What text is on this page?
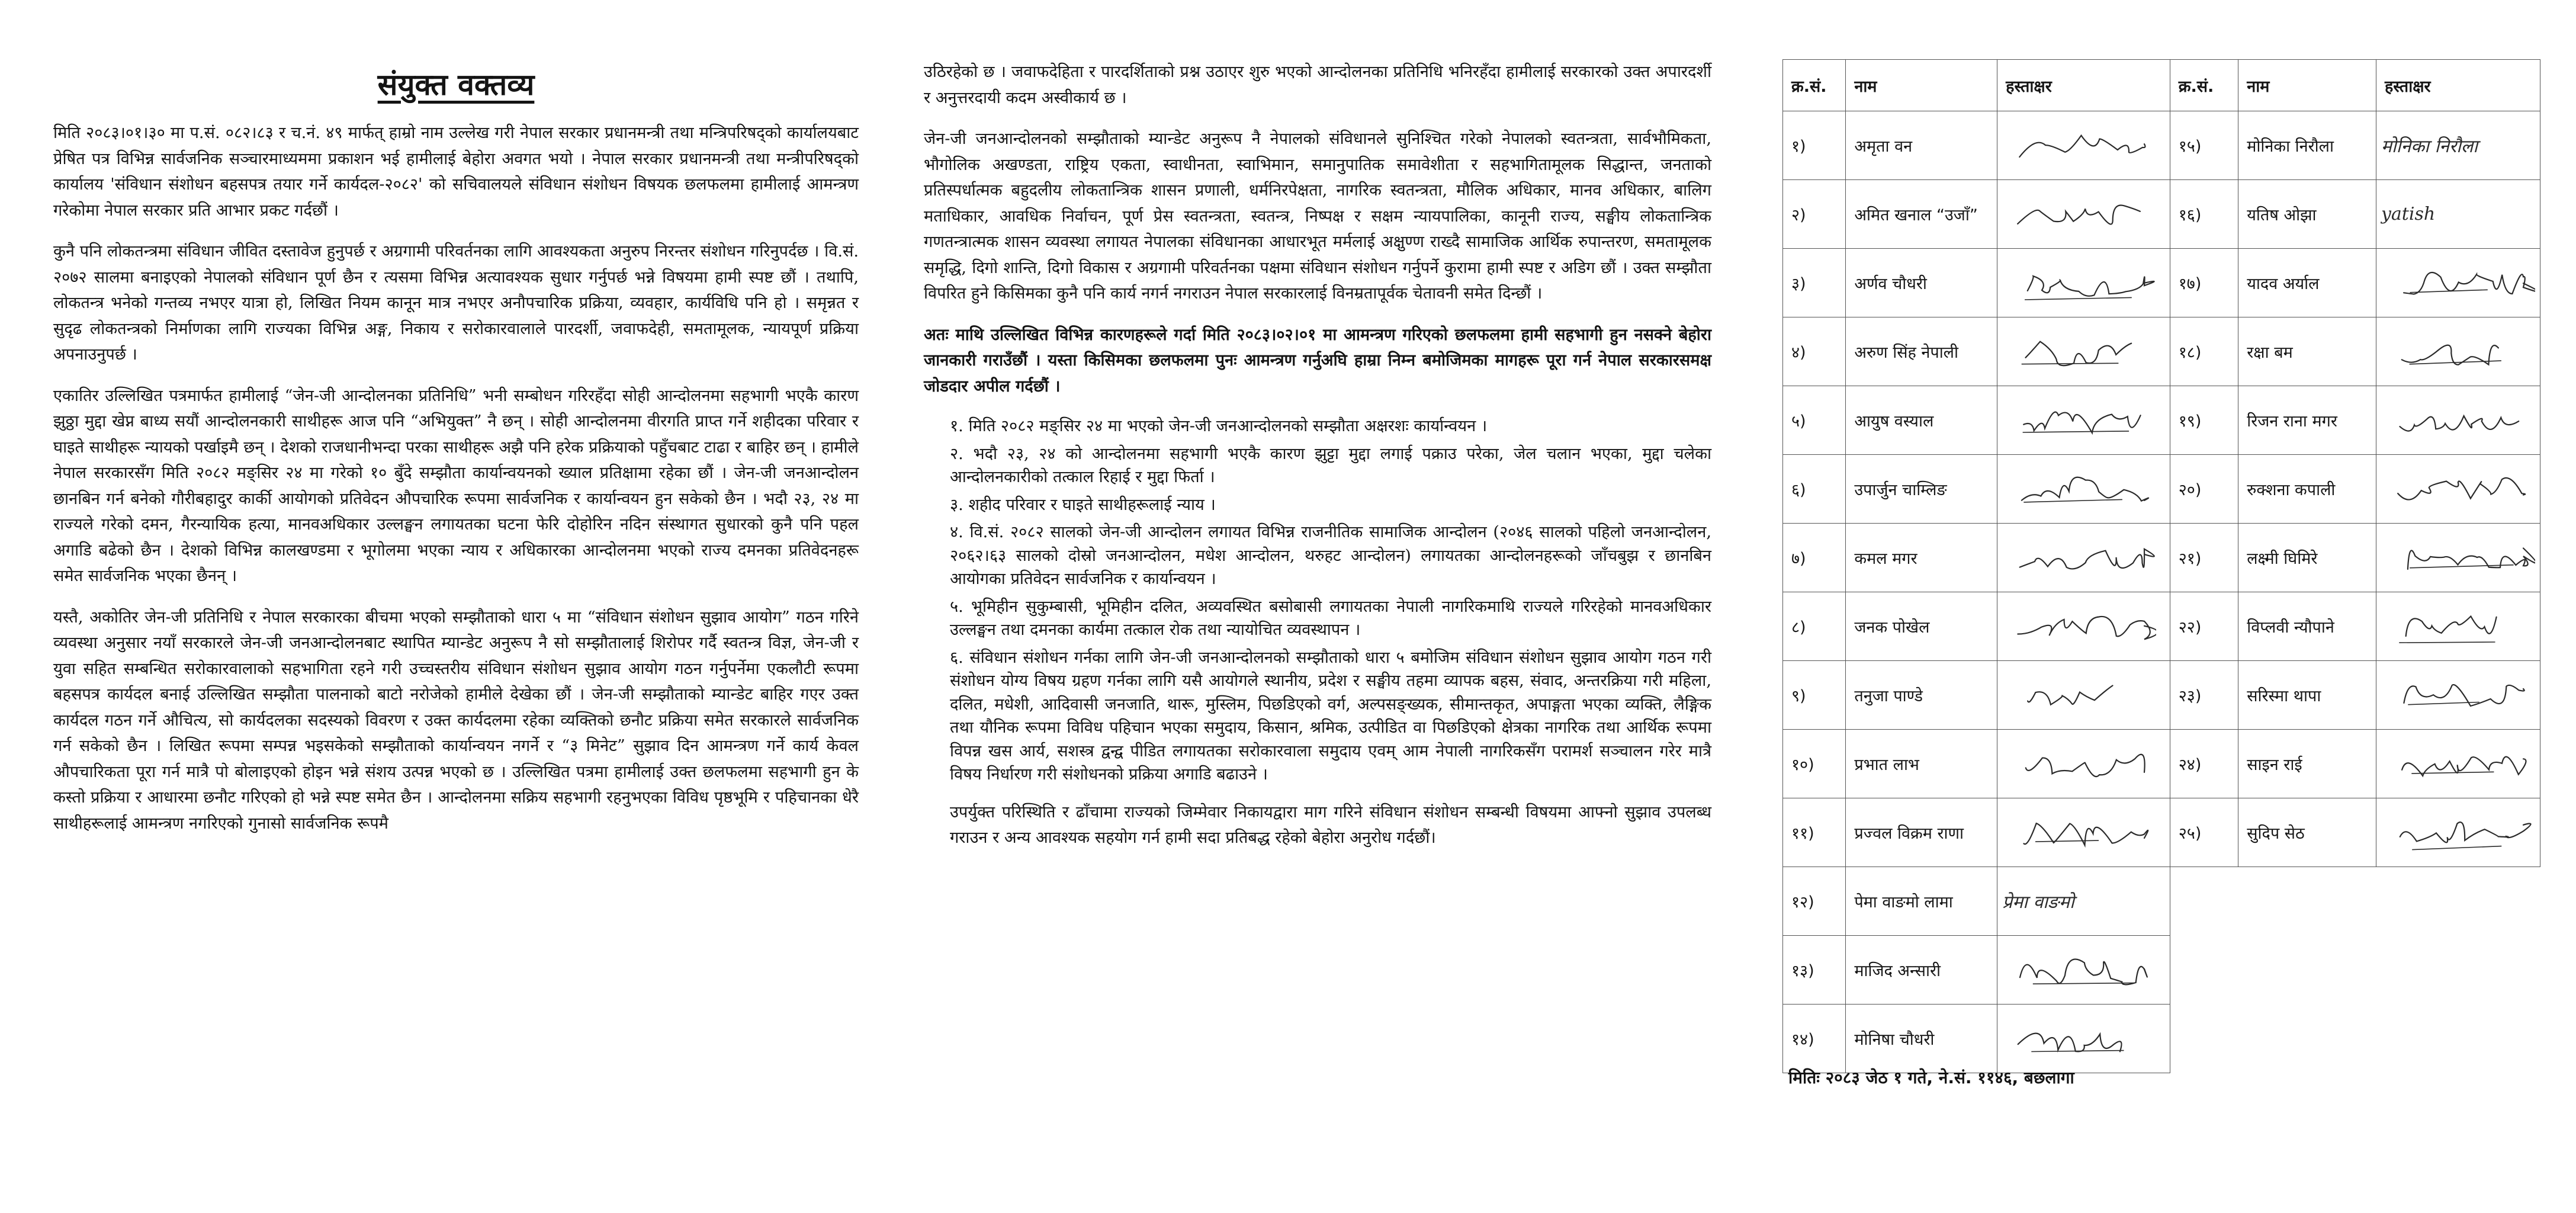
संयुक्त वक्तव्य

मिति २०८३।०१।३० मा प.सं. ०८२।८३ र च.नं. ४९ मार्फत् हाम्रो नाम उल्लेख गरी नेपाल सरकार प्रधानमन्त्री तथा मन्त्रिपरिषद्‌को कार्यालयबाट प्रेषित पत्र विभिन्न सार्वजनिक सञ्चारमाध्यममा प्रकाशन भई हामीलाई बेहोरा अवगत भयो । नेपाल सरकार प्रधानमन्त्री तथा मन्त्रीपरिषद्‌को कार्यालय 'संविधान संशोधन बहसपत्र तयार गर्ने कार्यदल-२०८२' को सचिवालयले संविधान संशोधन विषयक छलफलमा हामीलाई आमन्त्रण गरेकोमा नेपाल सरकार प्रति आभार प्रकट गर्दछौं ।

कुनै पनि लोकतन्त्रमा संविधान जीवित दस्तावेज हुनुपर्छ र अग्रगामी परिवर्तनका लागि आवश्यकता अनुरुप निरन्तर संशोधन गरिनुपर्दछ । वि.सं. २०७२ सालमा बनाइएको नेपालको संविधान पूर्ण छैन र त्यसमा विभिन्न अत्यावश्यक सुधार गर्नुपर्छ भन्ने विषयमा हामी स्पष्ट छौं । तथापि, लोकतन्त्र भनेको गन्तव्य नभएर यात्रा हो, लिखित नियम कानून मात्र नभएर अनौपचारिक प्रक्रिया, व्यवहार, कार्यविधि पनि हो । समृन्नत र सुदृढ लोकतन्त्रको निर्माणका लागि राज्यका विभिन्न अङ्ग, निकाय र सरोकारवालाले पारदर्शी, जवाफदेही, समतामूलक, न्यायपूर्ण प्रक्रिया अपनाउनुपर्छ ।

एकातिर उल्लिखित पत्रमार्फत हामीलाई “जेन-जी आन्दोलनका प्रतिनिधि” भनी सम्बोधन गरिरहँदा सोही आन्दोलनमा सहभागी भएकै कारण झुठ्ठा मुद्दा खेप्न बाध्य सयौं आन्दोलनकारी साथीहरू आज पनि “अभियुक्त” नै छन् । सोही आन्दोलनमा वीरगति प्राप्त गर्ने शहीदका परिवार र घाइते साथीहरू न्यायको पर्खाइमै छन् । देशको राजधानीभन्दा परका साथीहरू अझै पनि हरेक प्रक्रियाको पहुँचबाट टाढा र बाहिर छन् । हामीले नेपाल सरकारसँग मिति २०८२ मङ्सिर २४ मा गरेको १० बुँदे सम्झौता कार्यान्वयनको ख्याल प्रतिक्षामा रहेका छौं । जेन-जी जनआन्दोलन छानबिन गर्न बनेको गौरीबहादुर कार्की आयोगको प्रतिवेदन औपचारिक रूपमा सार्वजनिक र कार्यान्वयन हुन सकेको छैन । भदौ २३, २४ मा राज्यले गरेको दमन, गैरन्यायिक हत्या, मानवअधिकार उल्लङ्घन लगायतका घटना फेरि दोहोरिन नदिन संस्थागत सुधारको कुनै पनि पहल अगाडि बढेको छैन । देशको विभिन्न कालखण्डमा र भूगोलमा भएका न्याय र अधिकारका आन्दोलनमा भएको राज्य दमनका प्रतिवेदनहरू समेत सार्वजनिक भएका छैनन् ।

यस्तै, अकोतिर जेन-जी प्रतिनिधि र नेपाल सरकारका बीचमा भएको सम्झौताको धारा ५ मा “संविधान संशोधन सुझाव आयोग” गठन गरिने व्यवस्था अनुसार नयाँ सरकारले जेन-जी जनआन्दोलनबाट स्थापित म्यान्डेट अनुरूप नै सो सम्झौतालाई शिरोपर गर्दै स्वतन्त्र विज्ञ, जेन-जी र युवा सहित सम्बन्धित सरोकारवालाको सहभागिता रहने गरी उच्चस्तरीय संविधान संशोधन सुझाव आयोग गठन गर्नुपर्नेमा एकलौटी रूपमा बहसपत्र कार्यदल बनाई उल्लिखित सम्झौता पालनाको बाटो नरोजेको हामीले देखेका छौं । जेन-जी सम्झौताको म्यान्डेट बाहिर गएर उक्त कार्यदल गठन गर्ने औचित्य, सो कार्यदलका सदस्यको विवरण र उक्त कार्यदलमा रहेका व्यक्तिको छनौट प्रक्रिया समेत सरकारले सार्वजनिक गर्न सकेको छैन । लिखित रूपमा सम्पन्न भइसकेको सम्झौताको कार्यान्वयन नगर्ने र “३ मिनेट” सुझाव दिन आमन्त्रण गर्ने कार्य केवल औपचारिकता पूरा गर्न मात्रै पो बोलाइएको होइन भन्ने संशय उत्पन्न भएको छ । उल्लिखित पत्रमा हामीलाई उक्त छलफलमा सहभागी हुन के कस्तो प्रक्रिया र आधारमा छनौट गरिएको हो भन्ने स्पष्ट समेत छैन । आन्दोलनमा सक्रिय सहभागी रहनुभएका विविध पृष्ठभूमि र पहिचानका धेरै साथीहरूलाई आमन्त्रण नगरिएको गुनासो सार्वजनिक रूपमै

उठिरहेको छ । जवाफदेहिता र पारदर्शिताको प्रश्न उठाएर शुरु भएको आन्दोलनका प्रतिनिधि भनिरहँदा हामीलाई सरकारको उक्त अपारदर्शी र अनुत्तरदायी कदम अस्वीकार्य छ ।

जेन-जी जनआन्दोलनको सम्झौताको म्यान्डेट अनुरूप नै नेपालको संविधानले सुनिश्चित गरेको नेपालको स्वतन्त्रता, सार्वभौमिकता, भौगोलिक अखण्डता, राष्ट्रिय एकता, स्वाधीनता, स्वाभिमान, समानुपातिक समावेशीता र सहभागितामूलक सिद्धान्त, जनताको प्रतिस्पर्धात्मक बहुदलीय लोकतान्त्रिक शासन प्रणाली, धर्मनिरपेक्षता, नागरिक स्वतन्त्रता, मौलिक अधिकार, मानव अधिकार, बालिग मताधिकार, आवधिक निर्वाचन, पूर्ण प्रेस स्वतन्त्रता, स्वतन्त्र, निष्पक्ष र सक्षम न्यायपालिका, कानूनी राज्य, सङ्घीय लोकतान्त्रिक गणतन्त्रात्मक शासन व्यवस्था लगायत नेपालका संविधानका आधारभूत मर्मलाई अक्षुण्ण राख्दै सामाजिक आर्थिक रुपान्तरण, समतामूलक समृद्धि, दिगो शान्ति, दिगो विकास र अग्रगामी परिवर्तनका पक्षमा संविधान संशोधन गर्नुपर्ने कुरामा हामी स्पष्ट र अडिग छौं । उक्त सम्झौता विपरित हुने किसिमका कुनै पनि कार्य नगर्न नगराउन नेपाल सरकारलाई विनम्रतापूर्वक चेतावनी समेत दिन्छौं ।

अतः माथि उल्लिखित विभिन्न कारणहरूले गर्दा मिति २०८३।०२।०१ मा आमन्त्रण गरिएको छलफलमा हामी सहभागी हुन नसक्ने बेहोरा जानकारी गराउँछौं । यस्ता किसिमका छलफलमा पुनः आमन्त्रण गर्नुअघि हाम्रा निम्न बमोजिमका मागहरू पूरा गर्न नेपाल सरकारसमक्ष जोडदार अपील गर्दछौं ।

१. मिति २०८२ मङ्सिर २४ मा भएको जेन-जी जनआन्दोलनको सम्झौता अक्षरशः कार्यान्वयन ।
२. भदौ २३, २४ को आन्दोलनमा सहभागी भएकै कारण झुट्टा मुद्दा लगाई पक्राउ परेका, जेल चलान भएका, मुद्दा चलेका आन्दोलनकारीको तत्काल रिहाई र मुद्दा फिर्ता ।
३. शहीद परिवार र घाइते साथीहरूलाई न्याय ।
४. वि.सं. २०८२ सालको जेन-जी आन्दोलन लगायत विभिन्न राजनीतिक सामाजिक आन्दोलन (२०४६ सालको पहिलो जनआन्दोलन, २०६२।६३ सालको दोस्रो जनआन्दोलन, मधेश आन्दोलन, थरुहट आन्दोलन) लगायतका आन्दोलनहरूको जाँचबुझ र छानबिन आयोगका प्रतिवेदन सार्वजनिक र कार्यान्वयन ।
५. भूमिहीन सुकुम्बासी, भूमिहीन दलित, अव्यवस्थित बसोबासी लगायतका नेपाली नागरिकमाथि राज्यले गरिरहेको मानवअधिकार उल्लङ्घन तथा दमनका कार्यमा तत्काल रोक तथा न्यायोचित व्यवस्थापन ।
६. संविधान संशोधन गर्नका लागि जेन-जी जनआन्दोलनको सम्झौताको धारा ५ बमोजिम संविधान संशोधन सुझाव आयोग गठन गरी संशोधन योग्य विषय ग्रहण गर्नका लागि यसै आयोगले स्थानीय, प्रदेश र सङ्घीय तहमा व्यापक बहस, संवाद, अन्तरक्रिया गरी महिला, दलित, मधेशी, आदिवासी जनजाति, थारू, मुस्लिम, पिछडिएको वर्ग, अल्पसङ्ख्यक, सीमान्तकृत, अपाङ्गता भएका व्यक्ति, लैङ्गिक तथा यौनिक रूपमा विविध पहिचान भएका समुदाय, किसान, श्रमिक, उत्पीडित वा पिछडिएको क्षेत्रका नागरिक तथा आर्थिक रूपमा विपन्न खस आर्य, सशस्त्र द्वन्द्व पीडित लगायतका सरोकारवाला समुदाय एवम् आम नेपाली नागरिकसँग परामर्श सञ्चालन गरेर मात्रै विषय निर्धारण गरी संशोधनको प्रक्रिया अगाडि बढाउने ।

उपर्युक्त परिस्थिति र ढाँचामा राज्यको जिम्मेवार निकायद्वारा माग गरिने संविधान संशोधन सम्बन्धी विषयमा आफ्नो सुझाव उपलब्ध गराउन र अन्य आवश्यक सहयोग गर्न हामी सदा प्रतिबद्ध रहेको बेहोरा अनुरोध गर्दछौं।

क्र.सं.	नाम	हस्ताक्षर	क्र.सं.	नाम	हस्ताक्षर
१)	अमृता वन		१५)	मोनिका निरौला	मोनिका निरौला
२)	अमित खनाल “उजाँ”		१६)	यतिष ओझा	yatish
३)	अर्णव चौधरी		१७)	यादव अर्याल	

४)	अरुण सिंह नेपाली		१८)	रक्षा बम	

५)	आयुष वस्याल		१९)	रिजन राना मगर	

६)	उपार्जुन चाम्लिङ		२०)	रुक्शना कपाली	

७)	कमल मगर		२१)	लक्ष्मी घिमिरे	

८)	जनक पोखेल		२२)	विप्लवी न्यौपाने	

९)	तनुजा पाण्डे		२३)	सरिस्मा थापा	

१०)	प्रभात लाभ		२४)	साइन राई	

११)	प्रज्वल विक्रम राणा		२५)	सुदिप सेठ	

१२)	पेमा वाङमो लामा	प्रेमा वाङमो			
१३)	माजिद अन्सारी	

१४)	मोनिषा चौधरी	

मितिः २०८३ जेठ १ गते, ने.सं. ११४६, बछलागा
